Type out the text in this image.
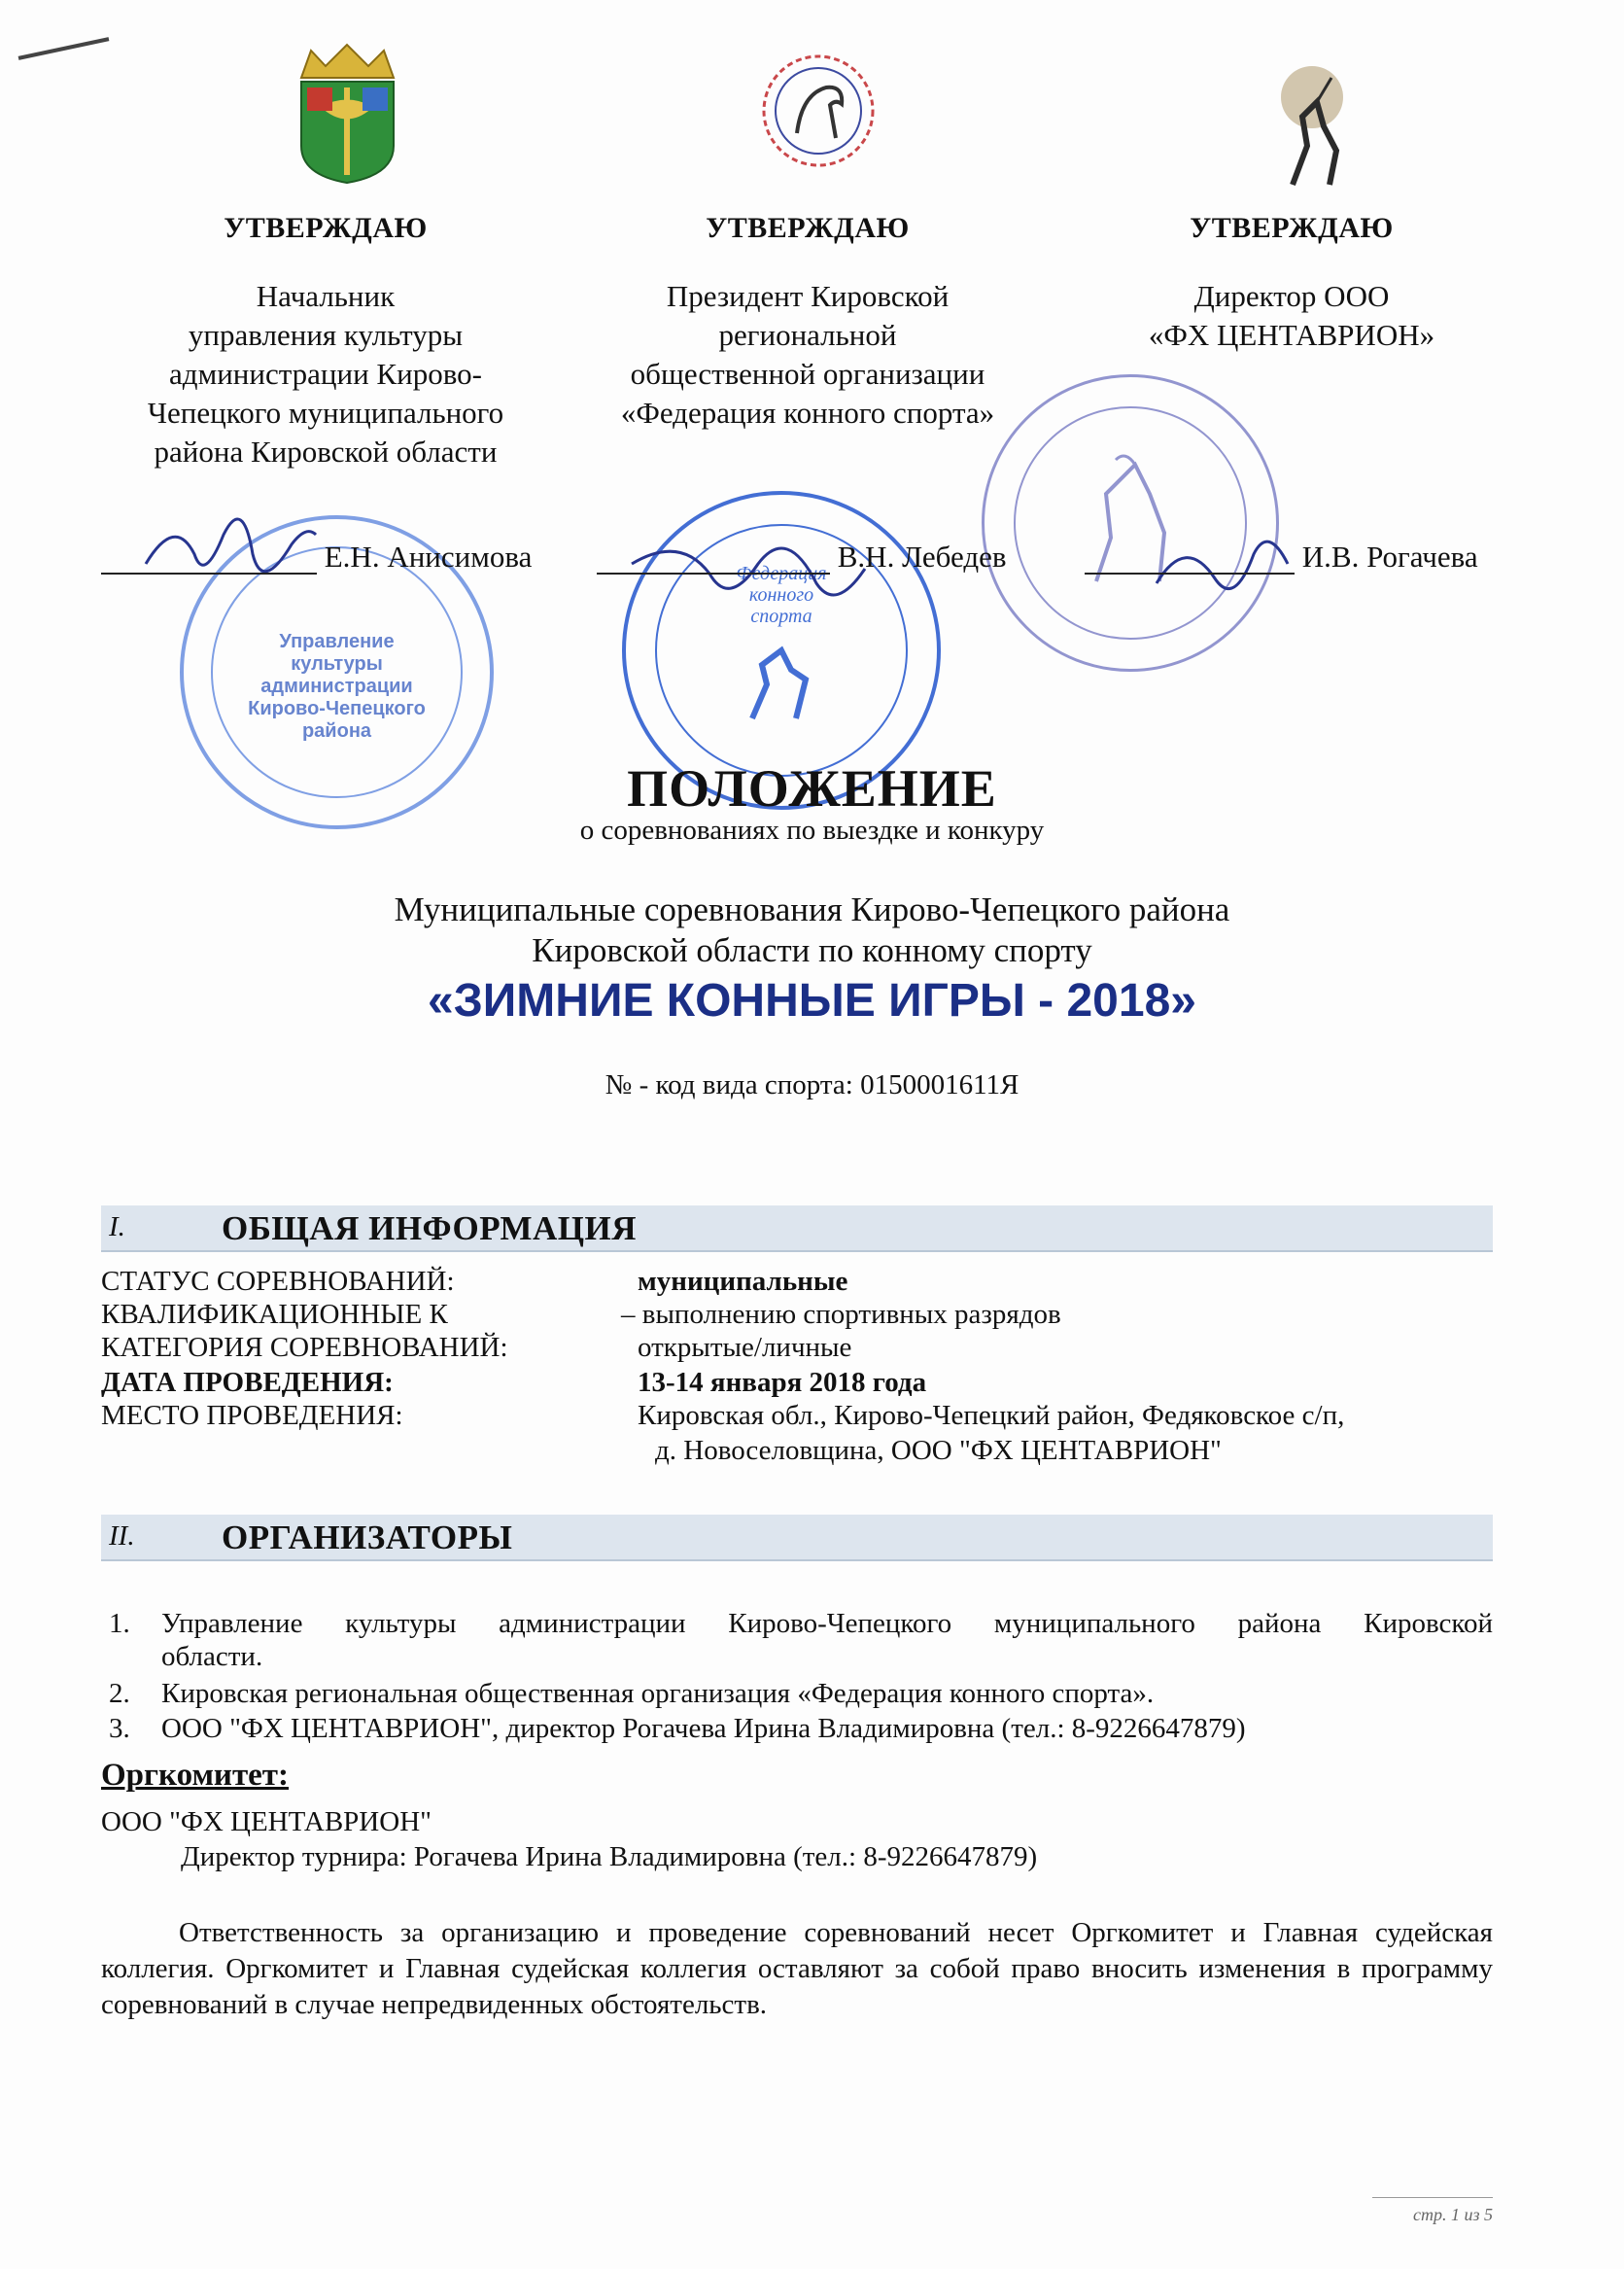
УТВЕРЖДАЮ
Начальник
управления культуры
администрации Кирово-
Чепецкого муниципального
района Кировской области
УТВЕРЖДАЮ
Президент Кировской
региональной
общественной организации
«Федерация конного спорта»
УТВЕРЖДАЮ
Директор ООО
«ФХ ЦЕНТАВРИОН»
Управление культуры
администрации
Кирово-Чепецкого
района
Федерация
конного
спорта
Е.Н. Анисимова	В.Н. Лебедев	И.В. Рогачева
ПОЛОЖЕНИЕ
о соревнованиях по выездке и конкуру
Муниципальные соревнования Кирово-Чепецкого района
Кировской области по конному спорту
«ЗИМНИЕ КОННЫЕ ИГРЫ - 2018»
№ - код вида спорта: 0150001611Я
I.	ОБЩАЯ ИНФОРМАЦИЯ
СТАТУС СОРЕВНОВАНИЙ:	муниципальные
КВАЛИФИКАЦИОННЫЕ К	– выполнению спортивных разрядов
КАТЕГОРИЯ СОРЕВНОВАНИЙ:	открытые/личные
ДАТА ПРОВЕДЕНИЯ:	13-14 января 2018 года
МЕСТО ПРОВЕДЕНИЯ:	Кировская обл., Кирово-Чепецкий район, Федяковское с/п,
д. Новоселовщина, ООО "ФХ ЦЕНТАВРИОН"
II.	ОРГАНИЗАТОРЫ
1. Управление культуры администрации Кирово-Чепецкого муниципального района Кировской
области.
2. Кировская региональная общественная организация «Федерация конного спорта».
3. ООО "ФХ ЦЕНТАВРИОН", директор Рогачева Ирина Владимировна (тел.: 8-9226647879)
Оргкомитет:
ООО "ФХ ЦЕНТАВРИОН"
Директор турнира: Рогачева Ирина Владимировна (тел.: 8-9226647879)
Ответственность за организацию и проведение соревнований несет Оргкомитет и Главная судейская коллегия. Оргкомитет и Главная судейская коллегия оставляют за собой право вносить изменения в программу соревнований в случае непредвиденных обстоятельств.
стр. 1 из 5
